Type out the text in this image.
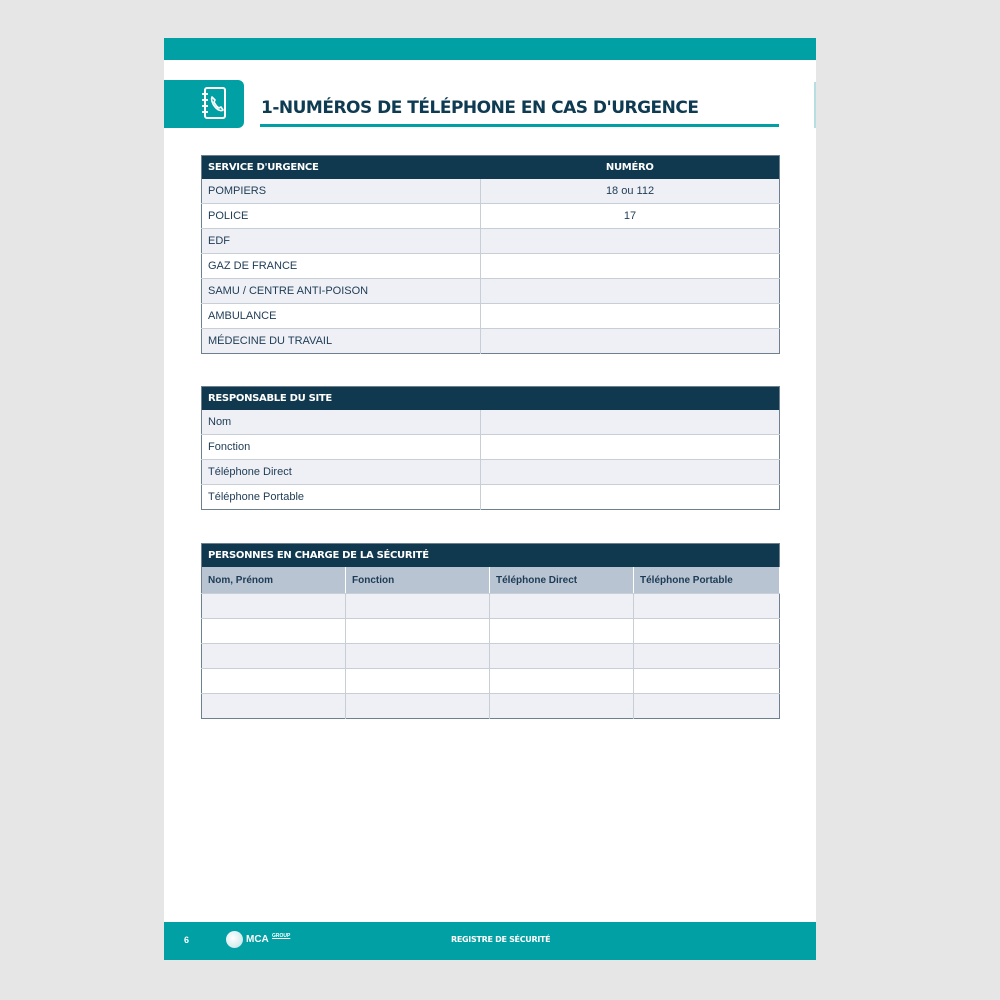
1-NUMÉROS DE TÉLÉPHONE EN CAS D'URGENCE
SERVICE D'URGENCE	NUMÉRO
POMPIERS	18 ou 112
POLICE	17
EDF	
GAZ DE FRANCE	
SAMU / CENTRE ANTI-POISON	
AMBULANCE	
MÉDECINE DU TRAVAIL	
RESPONSABLE DU SITE	
Nom	
Fonction	
Téléphone Direct	
Téléphone Portable	
PERSONNES EN CHARGE DE LA SÉCURITÉ			
Nom, Prénom	Fonction	Téléphone Direct	Téléphone Portable

6	MCA GROUP	REGISTRE DE SÉCURITÉ
